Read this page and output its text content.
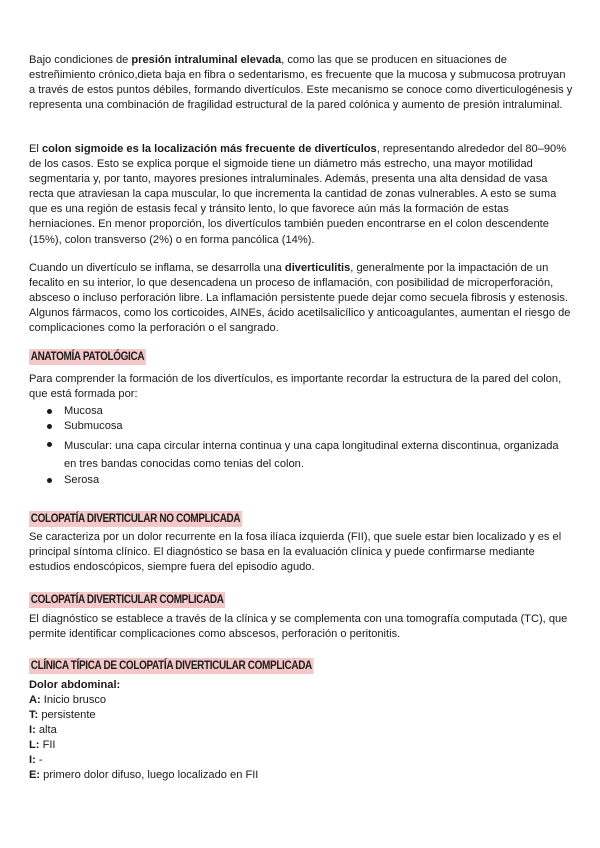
Bajo condiciones de presión intraluminal elevada, como las que se producen en situaciones de estreñimiento crónico,dieta baja en fibra o sedentarismo, es frecuente que la mucosa y submucosa protruyan a través de estos puntos débiles, formando divertículos. Este mecanismo se conoce como diverticulogénesis y representa una combinación de fragilidad estructural de la pared colónica y aumento de presión intraluminal.

El colon sigmoide es la localización más frecuente de divertículos, representando alrededor del 80–90% de los casos. Esto se explica porque el sigmoide tiene un diámetro más estrecho, una mayor motilidad segmentaria y, por tanto, mayores presiones intraluminales. Además, presenta una alta densidad de vasa recta que atraviesan la capa muscular, lo que incrementa la cantidad de zonas vulnerables. A esto se suma que es una región de estasis fecal y tránsito lento, lo que favorece aún más la formación de estas herniaciones. En menor proporción, los divertículos también pueden encontrarse en el colon descendente (15%), colon transverso (2%) o en forma pancólica (14%).

Cuando un divertículo se inflama, se desarrolla una diverticulitis, generalmente por la impactación de un fecalito en su interior, lo que desencadena un proceso de inflamación, con posibilidad de microperforación, absceso o incluso perforación libre. La inflamación persistente puede dejar como secuela fibrosis y estenosis. Algunos fármacos, como los corticoides, AINEs, ácido acetilsalicílico y anticoagulantes, aumentan el riesgo de complicaciones como la perforación o el sangrado.

ANATOMÍA PATOLÓGICA

Para comprender la formación de los divertículos, es importante recordar la estructura de la pared del colon, que está formada por:

Mucosa
Submucosa
Muscular: una capa circular interna continua y una capa longitudinal externa discontinua, organizada en tres bandas conocidas como tenias del colon.
Serosa
COLOPATÍA DIVERTICULAR NO COMPLICADA

Se caracteriza por un dolor recurrente en la fosa ilíaca izquierda (FII), que suele estar bien localizado y es el principal síntoma clínico. El diagnóstico se basa en la evaluación clínica y puede confirmarse mediante estudios endoscópicos, siempre fuera del episodio agudo.

COLOPATÍA DIVERTICULAR COMPLICADA

El diagnóstico se establece a través de la clínica y se complementa con una tomografía computada (TC), que permite identificar complicaciones como abscesos, perforación o peritonitis.

CLÍNICA TÍPICA DE COLOPATÍA DIVERTICULAR COMPLICADA
Dolor abdominal:
A: Inicio brusco
T: persistente
I: alta
L: FII
I: -
E: primero dolor difuso, luego localizado en FII
